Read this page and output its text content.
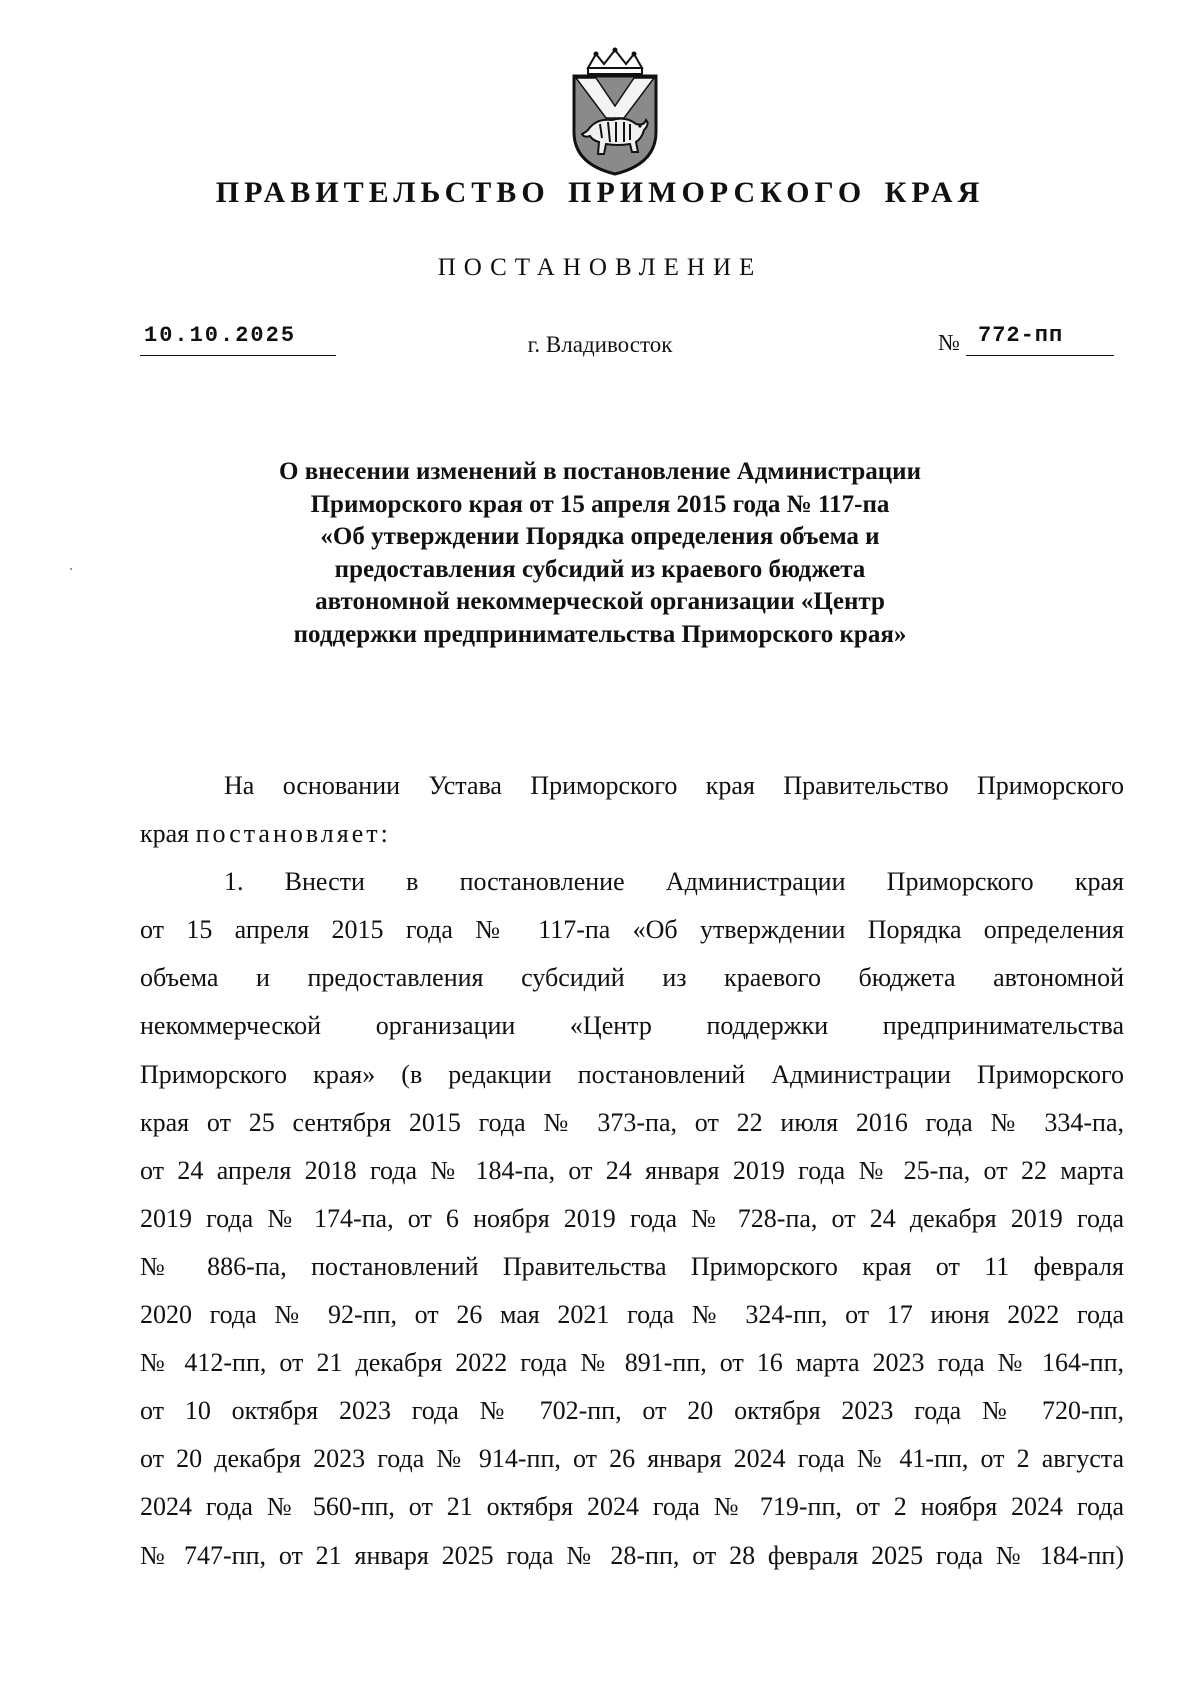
ПРАВИТЕЛЬСТВО ПРИМОРСКОГО КРАЯ
ПОСТАНОВЛЕНИЕ
10.10.2025	г. Владивосток	№ 772-пп
О внесении изменений в постановление Администрации
Приморского края от 15 апреля 2015 года № 117-па
«Об утверждении Порядка определения объема и
предоставления субсидий из краевого бюджета
автономной некоммерческой организации «Центр
поддержки предпринимательства Приморского края»
На основании Устава Приморского края Правительство Приморского
края постановляет:
1. Внести в постановление Администрации Приморского края
от 15 апреля 2015 года № 117-па «Об утверждении Порядка определения
объема и предоставления субсидий из краевого бюджета автономной
некоммерческой организации «Центр поддержки предпринимательства
Приморского края» (в редакции постановлений Администрации Приморского
края от 25 сентября 2015 года № 373-па, от 22 июля 2016 года № 334-па,
от 24 апреля 2018 года № 184-па, от 24 января 2019 года № 25-па, от 22 марта
2019 года № 174-па, от 6 ноября 2019 года № 728-па, от 24 декабря 2019 года
№ 886-па, постановлений Правительства Приморского края от 11 февраля
2020 года № 92-пп, от 26 мая 2021 года № 324-пп, от 17 июня 2022 года
№ 412-пп, от 21 декабря 2022 года № 891-пп, от 16 марта 2023 года № 164-пп,
от 10 октября 2023 года № 702-пп, от 20 октября 2023 года № 720-пп,
от 20 декабря 2023 года № 914-пп, от 26 января 2024 года № 41-пп, от 2 августа
2024 года № 560-пп, от 21 октября 2024 года № 719-пп, от 2 ноября 2024 года
№ 747-пп, от 21 января 2025 года № 28-пп, от 28 февраля 2025 года № 184-пп)
